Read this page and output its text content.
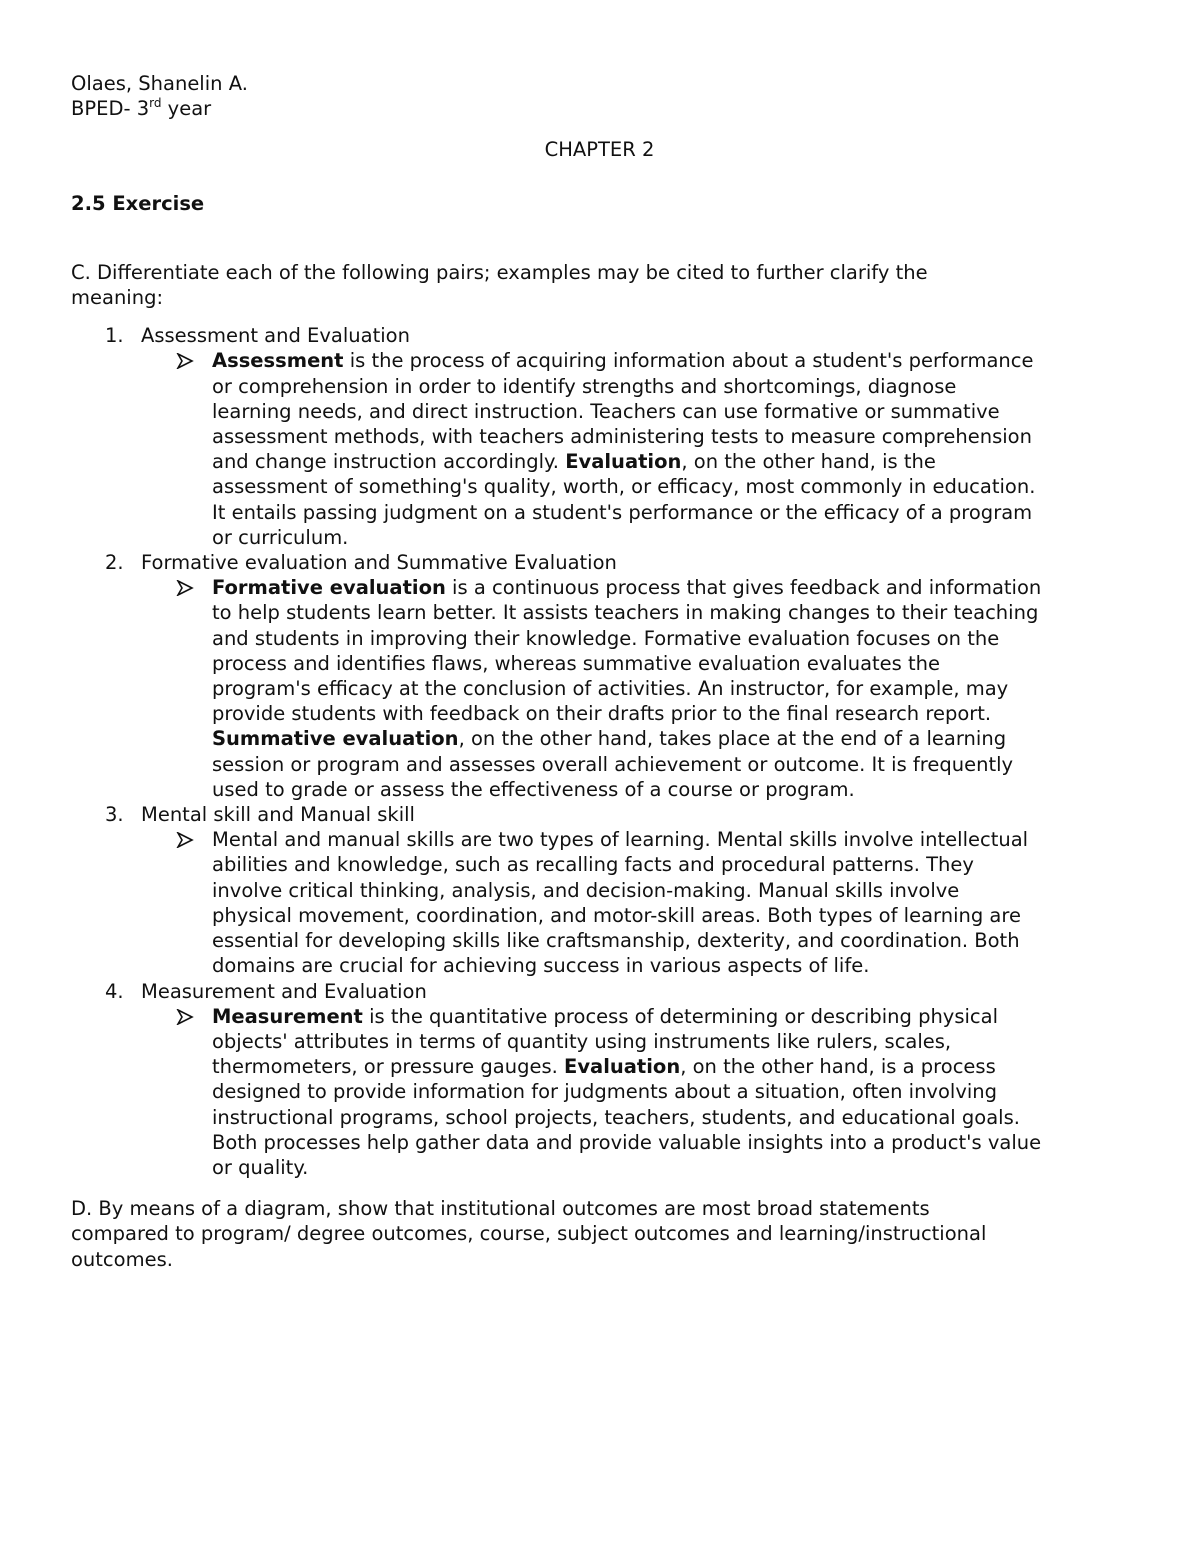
Olaes, Shanelin A.
BPED- 3rd year
CHAPTER 2
2.5 Exercise
C. Differentiate each of the following pairs; examples may be cited to further clarify the
meaning:
1. Assessment and Evaluation
Assessment is the process of acquiring information about a student's performance
or comprehension in order to identify strengths and shortcomings, diagnose
learning needs, and direct instruction. Teachers can use formative or summative
assessment methods, with teachers administering tests to measure comprehension
and change instruction accordingly. Evaluation, on the other hand, is the
assessment of something's quality, worth, or efficacy, most commonly in education.
It entails passing judgment on a student's performance or the efficacy of a program
or curriculum.
2. Formative evaluation and Summative Evaluation
Formative evaluation is a continuous process that gives feedback and information
to help students learn better. It assists teachers in making changes to their teaching
and students in improving their knowledge. Formative evaluation focuses on the
process and identifies flaws, whereas summative evaluation evaluates the
program's efficacy at the conclusion of activities. An instructor, for example, may
provide students with feedback on their drafts prior to the final research report.
Summative evaluation, on the other hand, takes place at the end of a learning
session or program and assesses overall achievement or outcome. It is frequently
used to grade or assess the effectiveness of a course or program.
3. Mental skill and Manual skill
Mental and manual skills are two types of learning. Mental skills involve intellectual
abilities and knowledge, such as recalling facts and procedural patterns. They
involve critical thinking, analysis, and decision-making. Manual skills involve
physical movement, coordination, and motor-skill areas. Both types of learning are
essential for developing skills like craftsmanship, dexterity, and coordination. Both
domains are crucial for achieving success in various aspects of life.
4. Measurement and Evaluation
Measurement is the quantitative process of determining or describing physical
objects' attributes in terms of quantity using instruments like rulers, scales,
thermometers, or pressure gauges. Evaluation, on the other hand, is a process
designed to provide information for judgments about a situation, often involving
instructional programs, school projects, teachers, students, and educational goals.
Both processes help gather data and provide valuable insights into a product's value
or quality.
D. By means of a diagram, show that institutional outcomes are most broad statements
compared to program/ degree outcomes, course, subject outcomes and learning/instructional
outcomes.
